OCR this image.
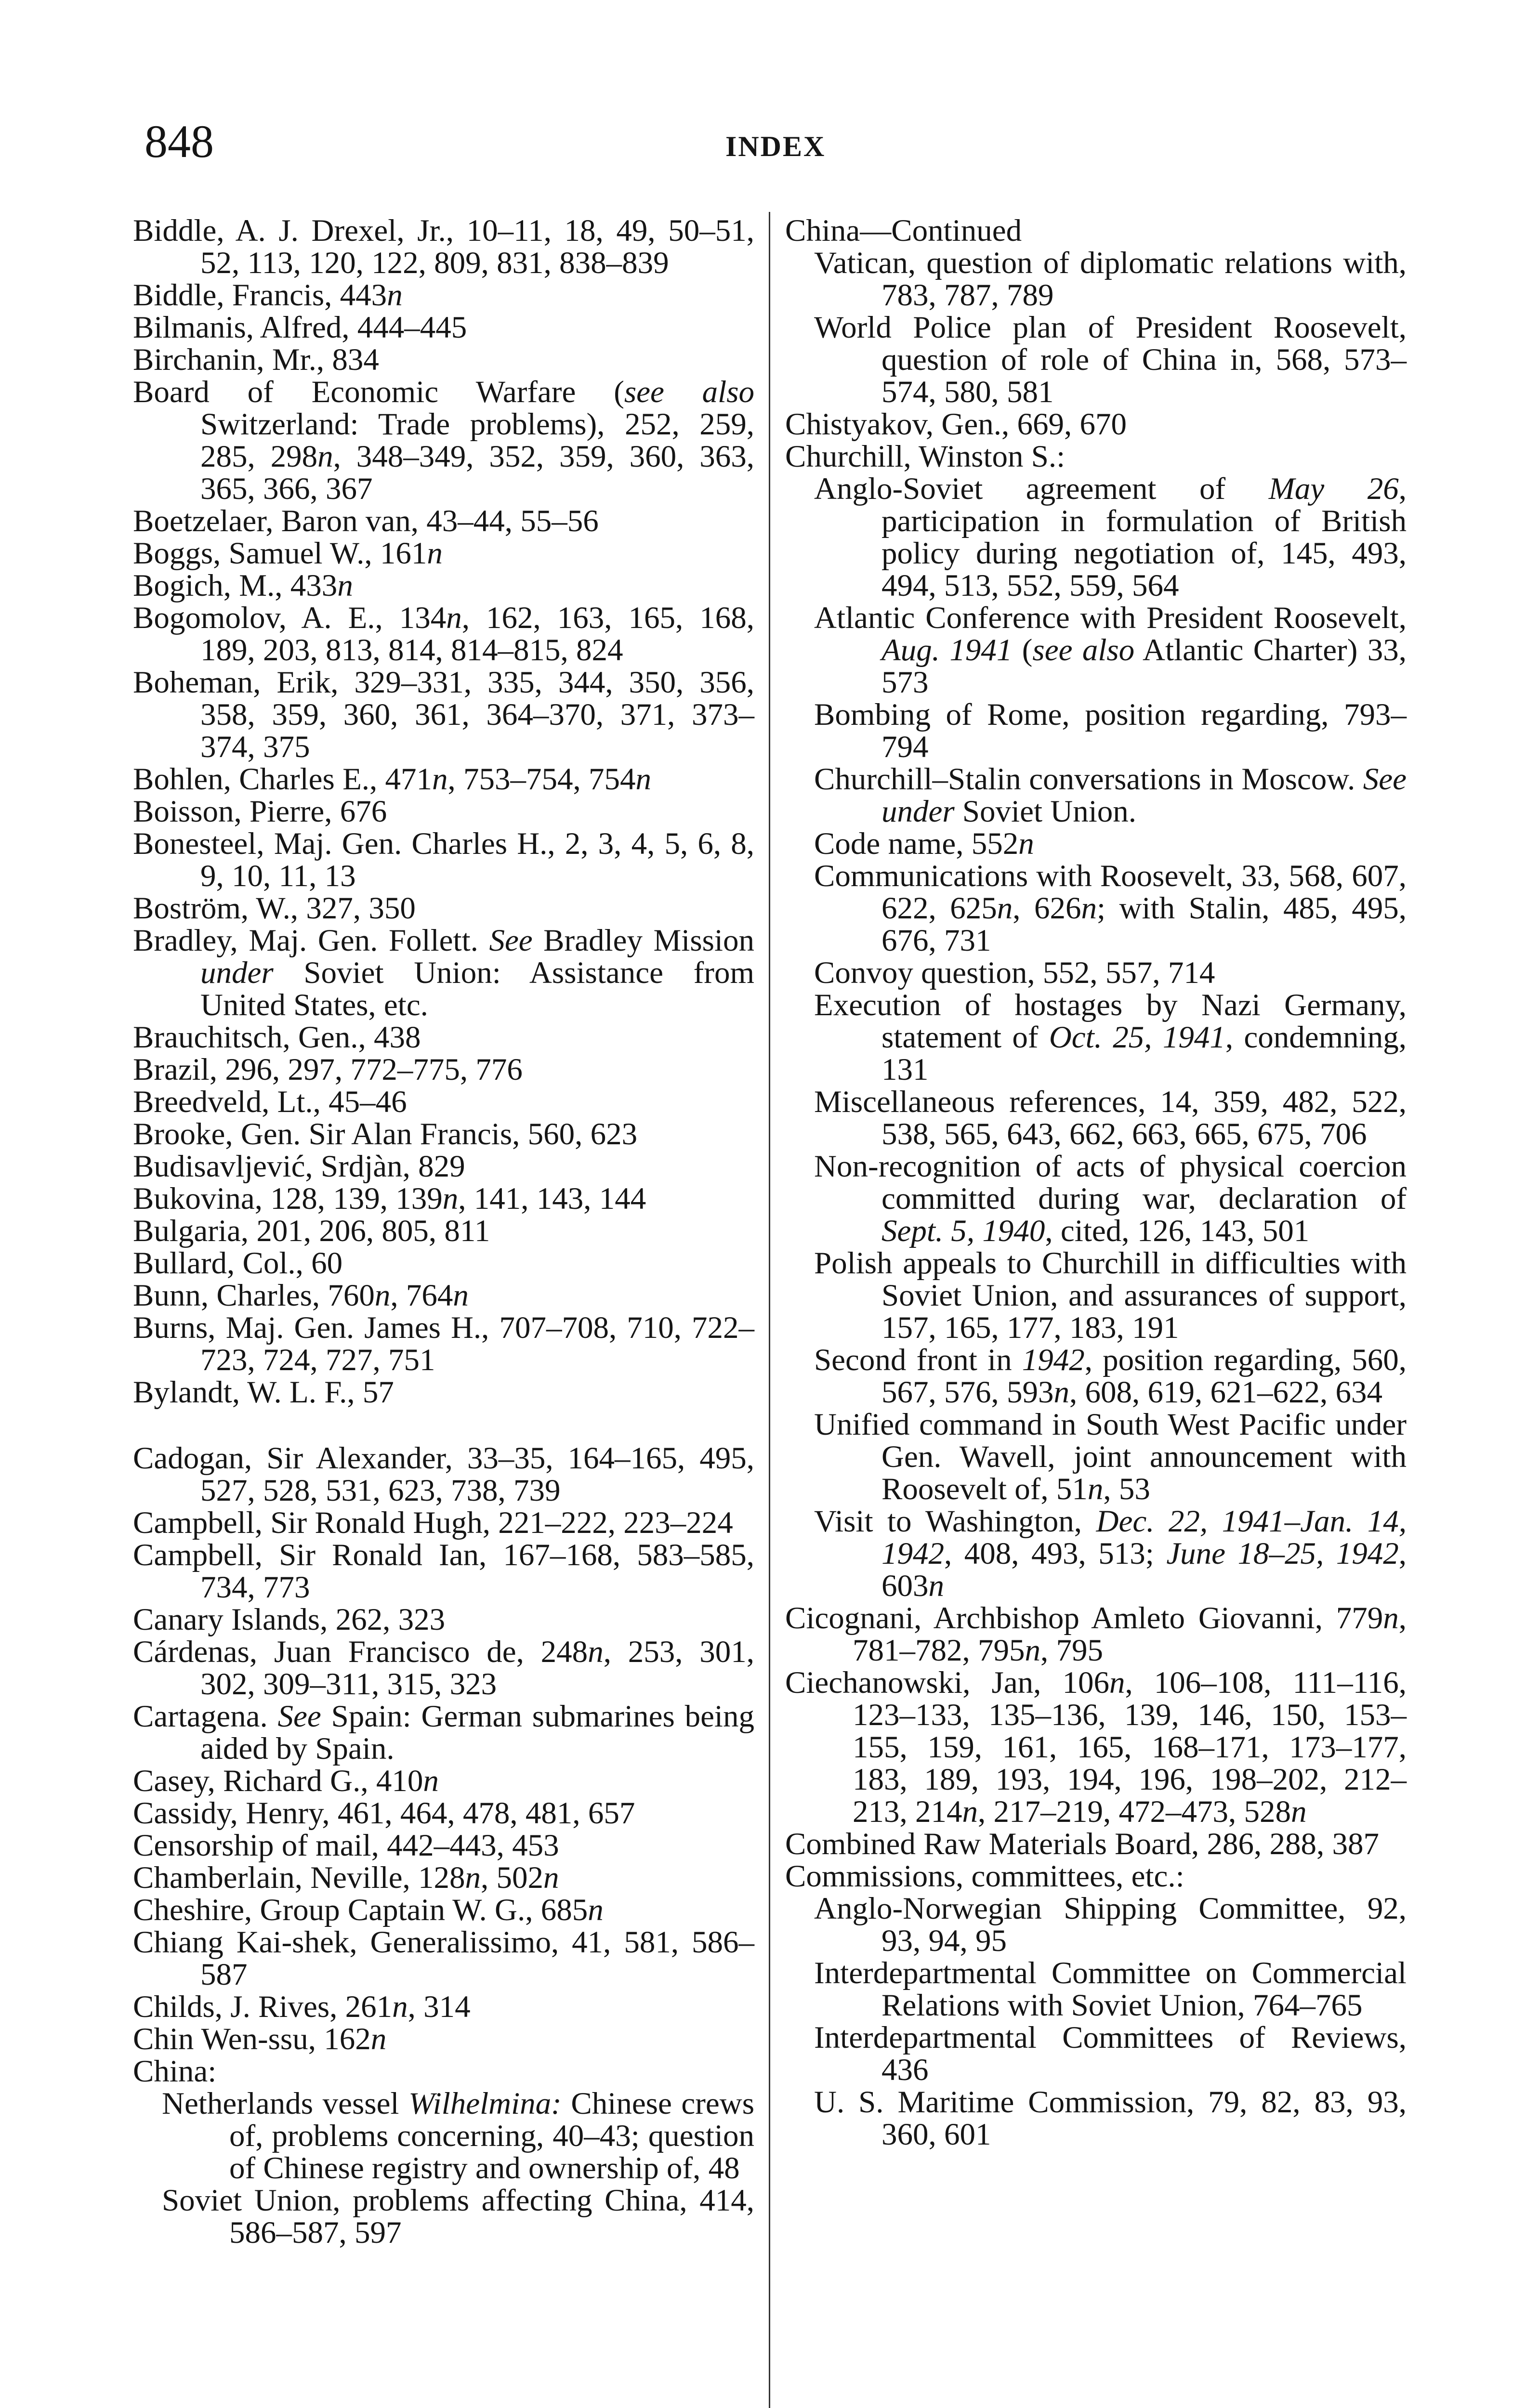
848	INDEX
Biddle, A. J. Drexel, Jr., 10–11, 18, 49, 50–51, 52, 113, 120, 122, 809, 831, 838–839
Biddle, Francis, 443n
Bilmanis, Alfred, 444–445
Birchanin, Mr., 834
Board of Economic Warfare (see also Switzerland: Trade problems), 252, 259, 285, 298n, 348–349, 352, 359, 360, 363, 365, 366, 367
Boetzelaer, Baron van, 43–44, 55–56
Boggs, Samuel W., 161n
Bogich, M., 433n
Bogomolov, A. E., 134n, 162, 163, 165, 168, 189, 203, 813, 814, 814–815, 824
Boheman, Erik, 329–331, 335, 344, 350, 356, 358, 359, 360, 361, 364–370, 371, 373–374, 375
Bohlen, Charles E., 471n, 753–754, 754n
Boisson, Pierre, 676
Bonesteel, Maj. Gen. Charles H., 2, 3, 4, 5, 6, 8, 9, 10, 11, 13
Boström, W., 327, 350
Bradley, Maj. Gen. Follett. See Bradley Mission under Soviet Union: Assistance from United States, etc.
Brauchitsch, Gen., 438
Brazil, 296, 297, 772–775, 776
Breedveld, Lt., 45–46
Brooke, Gen. Sir Alan Francis, 560, 623
Budisavljević, Srdjàn, 829
Bukovina, 128, 139, 139n, 141, 143, 144
Bulgaria, 201, 206, 805, 811
Bullard, Col., 60
Bunn, Charles, 760n, 764n
Burns, Maj. Gen. James H., 707–708, 710, 722–723, 724, 727, 751
Bylandt, W. L. F., 57
Cadogan, Sir Alexander, 33–35, 164–165, 495, 527, 528, 531, 623, 738, 739
Campbell, Sir Ronald Hugh, 221–222, 223–224
Campbell, Sir Ronald Ian, 167–168, 583–585, 734, 773
Canary Islands, 262, 323
Cárdenas, Juan Francisco de, 248n, 253, 301, 302, 309–311, 315, 323
Cartagena. See Spain: German submarines being aided by Spain.
Casey, Richard G., 410n
Cassidy, Henry, 461, 464, 478, 481, 657
Censorship of mail, 442–443, 453
Chamberlain, Neville, 128n, 502n
Cheshire, Group Captain W. G., 685n
Chiang Kai-shek, Generalissimo, 41, 581, 586–587
Childs, J. Rives, 261n, 314
Chin Wen-ssu, 162n
China:
Netherlands vessel Wilhelmina: Chinese crews of, problems concerning, 40–43; question of Chinese registry and ownership of, 48
Soviet Union, problems affecting China, 414, 586–587, 597
China—Continued
Vatican, question of diplomatic relations with, 783, 787, 789
World Police plan of President Roosevelt, question of role of China in, 568, 573–574, 580, 581
Chistyakov, Gen., 669, 670
Churchill, Winston S.:
Anglo-Soviet agreement of May 26, participation in formulation of British policy during negotiation of, 145, 493, 494, 513, 552, 559, 564
Atlantic Conference with President Roosevelt, Aug. 1941 (see also Atlantic Charter) 33, 573
Bombing of Rome, position regarding, 793–794
Churchill–Stalin conversations in Moscow. See under Soviet Union.
Code name, 552n
Communications with Roosevelt, 33, 568, 607, 622, 625n, 626n; with Stalin, 485, 495, 676, 731
Convoy question, 552, 557, 714
Execution of hostages by Nazi Germany, statement of Oct. 25, 1941, condemning, 131
Miscellaneous references, 14, 359, 482, 522, 538, 565, 643, 662, 663, 665, 675, 706
Non-recognition of acts of physical coercion committed during war, declaration of Sept. 5, 1940, cited, 126, 143, 501
Polish appeals to Churchill in difficulties with Soviet Union, and assurances of support, 157, 165, 177, 183, 191
Second front in 1942, position regarding, 560, 567, 576, 593n, 608, 619, 621–622, 634
Unified command in South West Pacific under Gen. Wavell, joint announcement with Roosevelt of, 51n, 53
Visit to Washington, Dec. 22, 1941–Jan. 14, 1942, 408, 493, 513; June 18–25, 1942, 603n
Cicognani, Archbishop Amleto Giovanni, 779n, 781–782, 795n, 795
Ciechanowski, Jan, 106n, 106–108, 111–116, 123–133, 135–136, 139, 146, 150, 153–155, 159, 161, 165, 168–171, 173–177, 183, 189, 193, 194, 196, 198–202, 212–213, 214n, 217–219, 472–473, 528n
Combined Raw Materials Board, 286, 288, 387
Commissions, committees, etc.:
Anglo-Norwegian Shipping Committee, 92, 93, 94, 95
Interdepartmental Committee on Commercial Relations with Soviet Union, 764–765
Interdepartmental Committees of Reviews, 436
U. S. Maritime Commission, 79, 82, 83, 93, 360, 601
